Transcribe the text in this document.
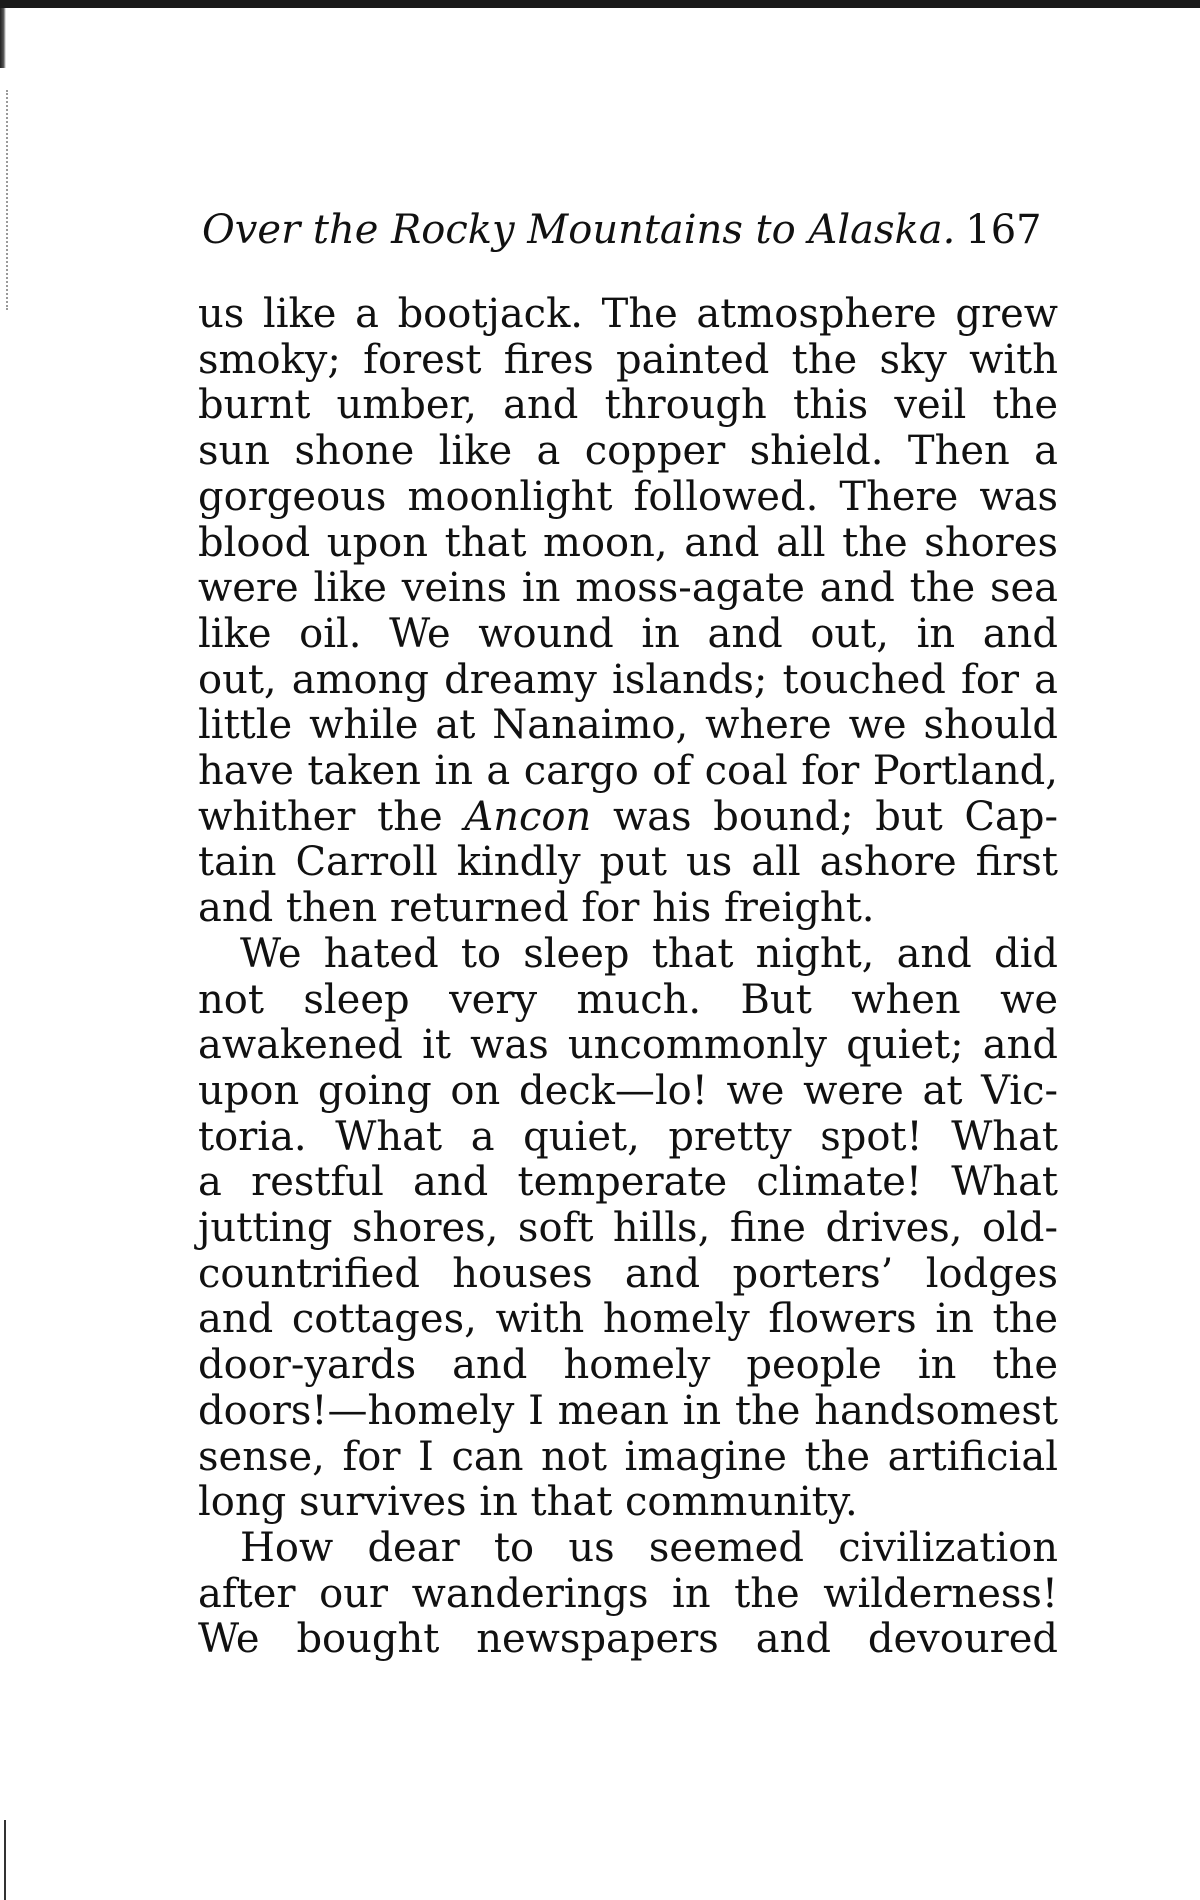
Over the Rocky Mountains to Alaska. 167
us like a bootjack. The atmosphere grew
smoky; forest fires painted the sky with
burnt umber, and through this veil the
sun shone like a copper shield. Then a
gorgeous moonlight followed. There was
blood upon that moon, and all the shores
were like veins in moss-agate and the sea
like oil. We wound in and out, in and
out, among dreamy islands; touched for a
little while at Nanaimo, where we should
have taken in a cargo of coal for Portland,
whither the Ancon was bound; but Cap-
tain Carroll kindly put us all ashore first
and then returned for his freight.
We hated to sleep that night, and did
not sleep very much. But when we
awakened it was uncommonly quiet; and
upon going on deck—lo! we were at Vic-
toria. What a quiet, pretty spot! What
a restful and temperate climate! What
jutting shores, soft hills, fine drives, old-
countrified houses and porters’ lodges
and cottages, with homely flowers in the
door-yards and homely people in the
doors!—homely I mean in the handsomest
sense, for I can not imagine the artificial
long survives in that community.
How dear to us seemed civilization
after our wanderings in the wilderness!
We bought newspapers and devoured
